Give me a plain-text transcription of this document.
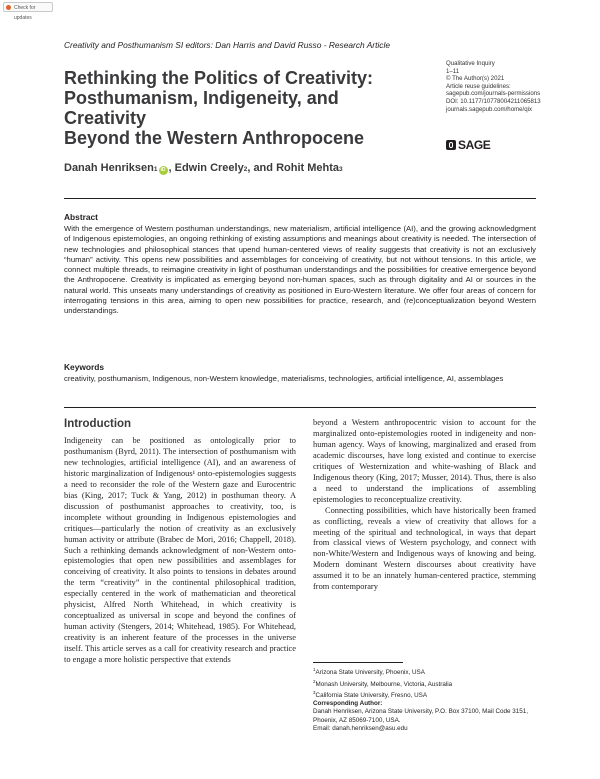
Check for updates
Creativity and Posthumanism SI editors: Dan Harris and David Russo - Research Article
Rethinking the Politics of Creativity:
Posthumanism, Indigeneity, and Creativity
Beyond the Western Anthropocene
Qualitative Inquiry
1–11
© The Author(s) 2021
Article reuse guidelines:
sagepub.com/journals-permissions
DOI: 10.1177/10778004211065813
journals.sagepub.com/home/qix
SAGE
Danah Henriksen 1 iD , Edwin Creely 2 , and Rohit Mehta 3
Abstract
With the emergence of Western posthuman understandings, new materialism, artificial intelligence (AI), and the growing acknowledgment of Indigenous epistemologies, an ongoing rethinking of existing assumptions and meanings about creativity is needed. The intersection of new technologies and philosophical stances that upend human-centered views of reality suggests that creativity is not an exclusively “human” activity. This opens new possibilities and assemblages for conceiving of creativity, but not without tensions. In this article, we connect multiple threads, to reimagine creativity in light of posthuman understandings and the possibilities for creative emergence beyond the Anthropocene. Creativity is implicated as emerging beyond non-human spaces, such as through digitality and AI or sources in the natural world. This unseats many understandings of creativity as positioned in Euro-Western literature. We offer four areas of concern for interrogating tensions in this area, aiming to open new possibilities for practice, research, and (re)conceptualization beyond Western understandings.
Keywords
creativity, posthumanism, Indigenous, non-Western knowledge, materialisms, technologies, artificial intelligence, AI, assemblages
Introduction

Indigeneity can be positioned as ontologically prior to posthumanism (Byrd, 2011). The intersection of posthumanism with new technologies, artificial intelligence (AI), and an awareness of historic marginalization of Indigenous¹ onto-epistemologies suggests a need to reconsider the role of the Western gaze and Eurocentric bias (King, 2017; Tuck & Yang, 2012) in posthuman theory. A discussion of posthumanist approaches to creativity, too, is incomplete without grounding in Indigenous epistemologies and critiques—particularly the notion of creativity as an exclusively human activity or attribute (Brabec de Mori, 2016; Chappell, 2018). Such a rethinking demands acknowledgment of non-Western onto-epistemologies that open new possibilities and assemblages for conceiving of creativity. It also points to tensions in debates around the term “creativity” in the continental philosophical tradition, especially centered in the work of mathematician and theoretical physicist, Alfred North Whitehead, in which creativity is conceptualized as universal in scope and beyond the confines of human activity (Stengers, 2014; Whitehead, 1985). For Whitehead, creativity is an inherent feature of the processes in the universe itself. This article serves as a call for creativity research and practice to engage a more holistic perspective that extends

beyond a Western anthropocentric vision to account for the marginalized onto-epistemologies rooted in indigeneity and non-human agency. Ways of knowing, marginalized and erased from academic discourses, have long existed and continue to exercise critiques of Westernization and white-washing of Black and Indigenous theory (King, 2017; Musser, 2014). Thus, there is also a need to understand the implications of assembling epistemologies to reconceptualize creativity.

Connecting possibilities, which have historically been framed as conflicting, reveals a view of creativity that allows for a meeting of the spiritual and technological, in ways that depart from classical views of Western psychology, and connect with non-White/Western and Indigenous ways of knowing and being. Modern dominant Western discourses about creativity have assumed it to be an innately human-centered practice, stemming from contemporary

$^1$Arizona State University, Phoenix, USA
$^2$Monash University, Melbourne, Victoria, Australia
$^3$California State University, Fresno, USA
Corresponding Author:
Danah Henriksen, Arizona State University, P.O. Box 37100, Mail Code 3151, Phoenix, AZ 85069-7100, USA.
Email: danah.henriksen@asu.edu
